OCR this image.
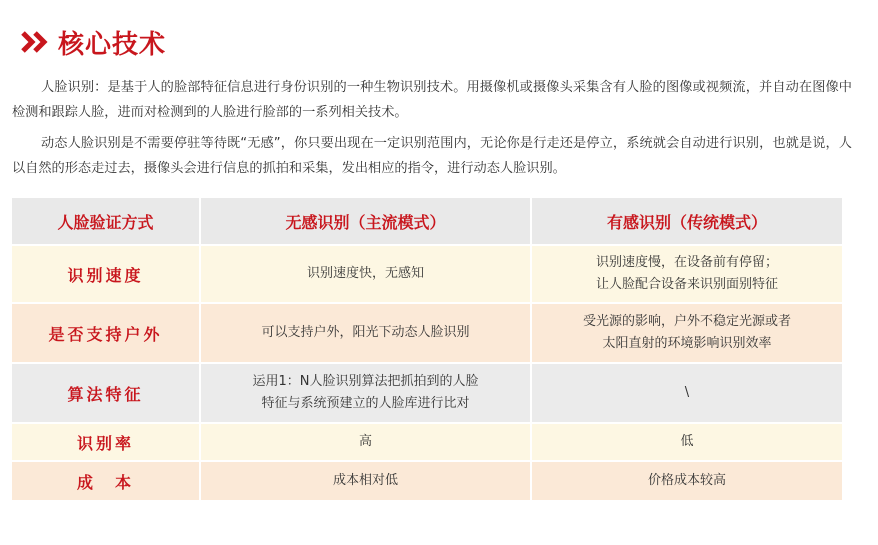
核心技术

人脸识别：是基于人的脸部特征信息进行身份识别的一种生物识别技术。用摄像机或摄像头采集含有人脸的图像或视频流，并自动在图像中检测和跟踪人脸，进而对检测到的人脸进行脸部的一系列相关技术。

动态人脸识别是不需要停驻等待既“无感”，你只要出现在一定识别范围内，无论你是行走还是停立，系统就会自动进行识别，也就是说，人以自然的形态走过去，摄像头会进行信息的抓拍和采集，发出相应的指令，进行动态人脸识别。

人脸验证方式	无感识别（主流模式）	有感识别（传统模式）
识别速度	识别速度快，无感知	识别速度慢，在设备前有停留；
让人脸配合设备来识别面别特征

是否支持户外	可以支持户外，阳光下动态人脸识别	受光源的影响，户外不稳定光源或者
太阳直射的环境影响识别效率

算法特征	运用1：N人脸识别算法把抓拍到的人脸
特征与系统预建立的人脸库进行比对	\

识别率	高	低

成　本	成本相对低	价格成本较高
